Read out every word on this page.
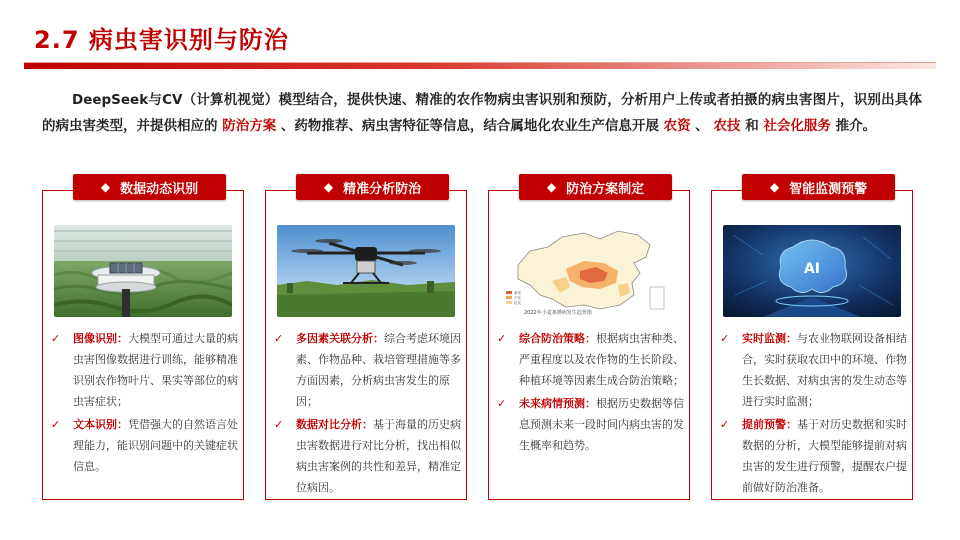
2.7 病虫害识别与防治
DeepSeek与CV（计算机视觉）模型结合，提供快速、精准的农作物病虫害识别和预防，分析用户上传或者拍摄的病虫害图片，识别出具体的病虫害类型，并提供相应的 防治方案 、药物推荐、病虫害特征等信息，结合属地化农业生产信息开展 农资 、 农技 和 社会化服务 推介。
◆ 数据动态识别
✓	图像识别：大模型可通过大量的病虫害图像数据进行训练，能够精准识别农作物叶片、果实等部位的病虫害症状；
✓	文本识别：凭借强大的自然语言处理能力，能识别问题中的关键症状信息。
◆ 精准分析防治
✓	多因素关联分析：综合考虑环境因素、作物品种、栽培管理措施等多方面因素，分析病虫害发生的原因；
✓	数据对比分析：基于海量的历史病虫害数据进行对比分析，找出相似病虫害案例的共性和差异，精准定位病因。
◆ 防治方案制定
重发
中发
轻发
2022年小麦条锈病发生趋势图
✓	综合防治策略：根据病虫害种类、严重程度以及农作物的生长阶段、种植环境等因素生成合防治策略；
✓	未来病情预测：根据历史数据等信息预测未来一段时间内病虫害的发生概率和趋势。
◆ 智能监测预警
AI
✓	实时监测：与农业物联网设备相结合，实时获取农田中的环境、作物生长数据、对病虫害的发生动态等进行实时监测；
✓	提前预警：基于对历史数据和实时数据的分析，大模型能够提前对病虫害的发生进行预警，提醒农户提前做好防治准备。
